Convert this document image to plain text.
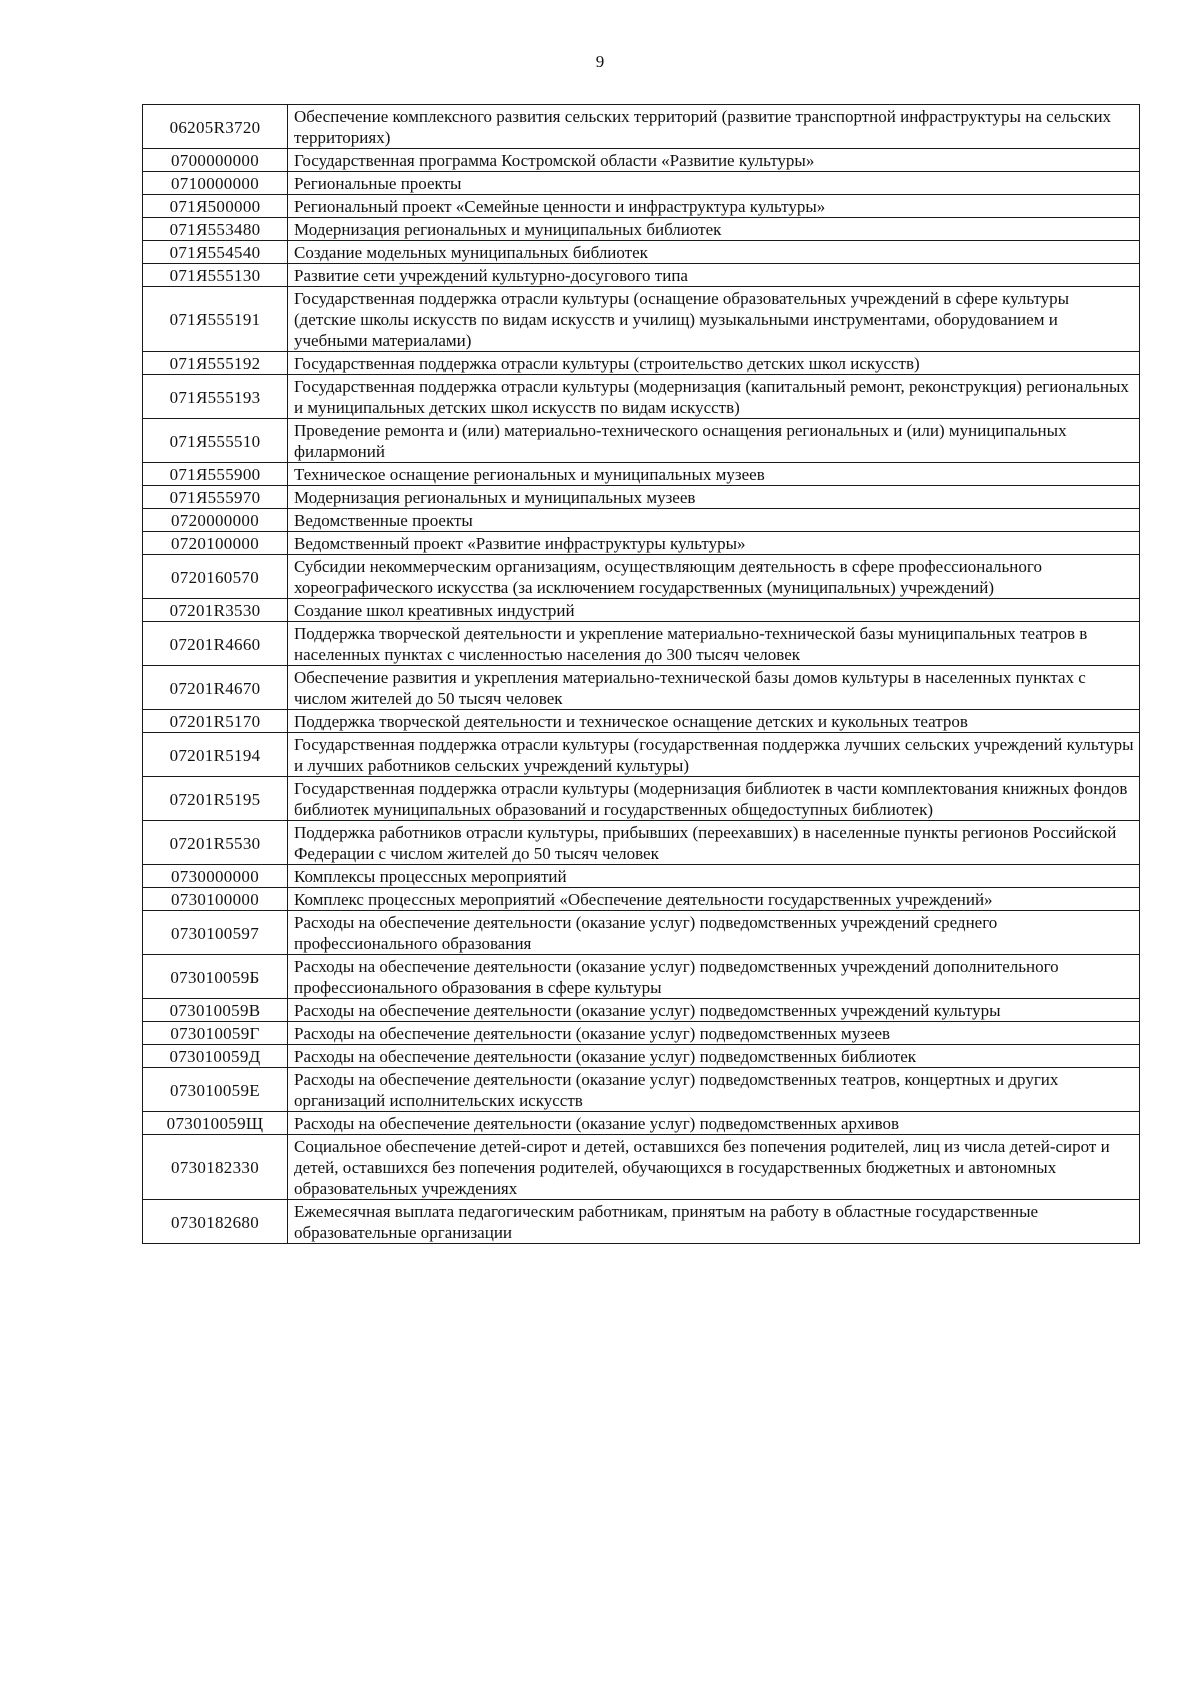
9
06205R3720	Обеспечение комплексного развития сельских территорий (развитие транспортной инфраструктуры на сельских территориях)
0700000000	Государственная программа Костромской области «Развитие культуры»
0710000000	Региональные проекты
071Я500000	Региональный проект «Семейные ценности и инфраструктура культуры»
071Я553480	Модернизация региональных и муниципальных библиотек
071Я554540	Создание модельных муниципальных библиотек
071Я555130	Развитие сети учреждений культурно-досугового типа
071Я555191	Государственная поддержка отрасли культуры (оснащение образовательных учреждений в сфере культуры (детские школы искусств по видам искусств и училищ) музыкальными инструментами, оборудованием и учебными материалами)
071Я555192	Государственная поддержка отрасли культуры (строительство детских школ искусств)
071Я555193	Государственная поддержка отрасли культуры (модернизация (капитальный ремонт, реконструкция) региональных и муниципальных детских школ искусств по видам искусств)
071Я555510	Проведение ремонта и (или) материально-технического оснащения региональных и (или) муниципальных филармоний
071Я555900	Техническое оснащение региональных и муниципальных музеев
071Я555970	Модернизация региональных и муниципальных музеев
0720000000	Ведомственные проекты
0720100000	Ведомственный проект «Развитие инфраструктуры культуры»
0720160570	Субсидии некоммерческим организациям, осуществляющим деятельность в сфере профессионального хореографического искусства (за исключением государственных (муниципальных) учреждений)
07201R3530	Создание школ креативных индустрий
07201R4660	Поддержка творческой деятельности и укрепление материально-технической базы муниципальных театров в населенных пунктах с численностью населения до 300 тысяч человек
07201R4670	Обеспечение развития и укрепления материально-технической базы домов культуры в населенных пунктах с числом жителей до 50 тысяч человек
07201R5170	Поддержка творческой деятельности и техническое оснащение детских и кукольных театров
07201R5194	Государственная поддержка отрасли культуры (государственная поддержка лучших сельских учреждений культуры и лучших работников сельских учреждений культуры)
07201R5195	Государственная поддержка отрасли культуры (модернизация библиотек в части комплектования книжных фондов библиотек муниципальных образований и государственных общедоступных библиотек)
07201R5530	Поддержка работников отрасли культуры, прибывших (переехавших) в населенные пункты регионов Российской Федерации с числом жителей до 50 тысяч человек
0730000000	Комплексы процессных мероприятий
0730100000	Комплекс процессных мероприятий «Обеспечение деятельности государственных учреждений»
0730100597	Расходы на обеспечение деятельности (оказание услуг) подведомственных учреждений среднего профессионального образования
073010059Б	Расходы на обеспечение деятельности (оказание услуг) подведомственных учреждений дополнительного профессионального образования в сфере культуры
073010059В	Расходы на обеспечение деятельности (оказание услуг) подведомственных учреждений культуры
073010059Г	Расходы на обеспечение деятельности (оказание услуг) подведомственных музеев
073010059Д	Расходы на обеспечение деятельности (оказание услуг) подведомственных библиотек
073010059Е	Расходы на обеспечение деятельности (оказание услуг) подведомственных театров, концертных и других организаций исполнительских искусств
073010059Щ	Расходы на обеспечение деятельности (оказание услуг) подведомственных архивов
0730182330	Социальное обеспечение детей-сирот и детей, оставшихся без попечения родителей, лиц из числа детей-сирот и детей, оставшихся без попечения родителей, обучающихся в государственных бюджетных и автономных образовательных учреждениях
0730182680	Ежемесячная выплата педагогическим работникам, принятым на работу в областные государственные образовательные организации
